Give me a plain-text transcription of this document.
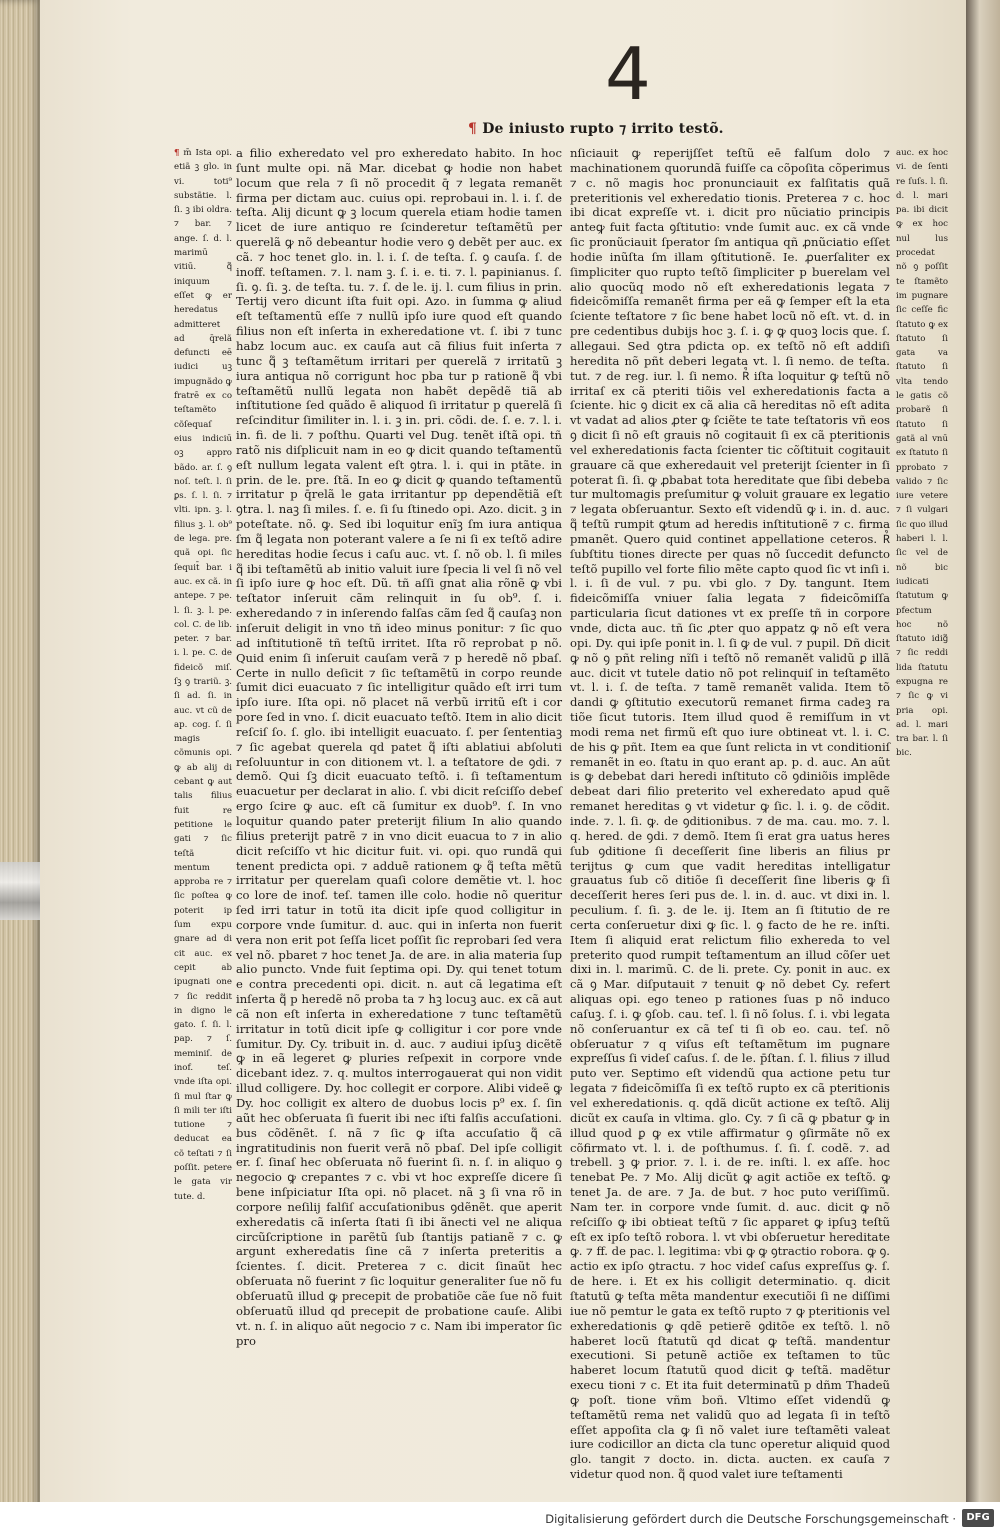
4
¶ De iniusto rupto ⁊ irrito testõ.
¶ m̄ Ista opi. etiã ꝫ glo. in vi. toti⁹ substãtie. l. ſi. ꝫ ibi oldra. ⁊ bar. ⁊ ange. ſ. d. l. marimū vitiū. q᷑ iniquum eſſet ꝙ er heredatus admitteret ad q̄relã defuncti eē iudici uꝫ impugnãdo ꝙ fratrē ex co teſtamẽto cõſequaſ eius indiciū oꝫ appro bãdo. ar. ſ. ꝯ noſ. teſt. l. ſi ꝑs. ſ. l. ſi. ⁊ vlti. ipn. ꝫ. l. filius ꝫ. l. ob⁹ de lega. pre. quã opi. ſic ſequit̄ bar. i auc. ex cã. in antepe. ⁊ pe. l. ſi. ꝫ. l. pe. col. C. de lib. peter. ⁊ bar. i. l. pe. C. de fideicõ miſ. ſꝫ ꝯ trariũ. ꝫ. ſi ad. ſi. in auc. vt cũ de ap. cog. ſ. ſi magis cõmunis opi. ꝙ ab alij di cebant ꝙ aut talis filius fuit re petitione le gati ⁊ ſic teſtã mentum approba re ⁊ ſic poſtea ꝙ poterit ip ſum expu gnare ad di cit auc. ex cepit ab ipugnati one ⁊ ſic reddit in digno le gato. ſ. ſi. l. pap. ⁊ ſ. meminiſ. de inof. teſ. vnde iſta opi. ſi mul ſtar ꝙ ſi mili ter iſti tutione ⁊ deducat ea cõ teſtati ⁊ ſi poſſit. petere le gata vir tute. d.

a filio exheredato vel pro exheredato habito. In hoc ſunt multe opi. nã Mar. dicebat ꝙ hodie non habet locum que rela ⁊ ſi nõ procedit q̄ ⁊ legata remanẽt firma per dictam auc. cuius opi. reprobaui in. l. i. ſ. de teſta. Alij dicunt ꝙ ꝫ locum querela etiam hodie tamen licet de iure antiquo re ſcinderetur teſtamẽtũ per querelã ꝙ nõ debeantur hodie vero ꝯ debẽt per auc. ex cã. ⁊ hoc tenet glo. in. l. i. ſ. de teſta. ſ. ꝯ cauſa. ſ. de inoff. teſtamen. ⁊. l. nam ꝫ. ſ. i. e. ti. ⁊. l. papinianus. ſ. ſi. ꝯ. ſi. ꝫ. de teſta. tu. ⁊. ſ. de le. ij. l. cum filius in prin. Tertij vero dicunt iſta fuit opi. Azo. in ſumma ꝙ aliud eſt teſtamentũ eſſe ⁊ nullũ ipſo iure quod eſt quando filius non eſt inſerta in exheredatione vt. ſ. ibi ⁊ tunc habz locum auc. ex cauſa aut cã filius fuit inſerta ⁊ tunc q᷑ ꝫ teſtamẽtum irritari per querelã ⁊ irritatũ ꝫ iura antiqua nõ corrigunt hoc pba tur p rationẽ q᷑ vbi teſtamẽtũ nullũ legata non habẽt depẽdẽ tiã ab inſtitutione ſed quãdo ē aliquod ſi irritatur p querelã ſi reſcinditur ſimiliter in. l. i. ꝫ in. pri. cõdi. de. ſ. e. ⁊. l. i. in. fi. de li. ⁊ poſthu. Quarti vel Dug. tenẽt iſtã opi. tñ ratõ nis diſplicuit nam in eo ꝙ dicit quando teſtamentũ eſt nullum legata valent eſt ꝯtra. l. i. qui in ptãte. in prin. de le. pre. ſtã. In eo ꝙ dicit ꝙ quando teſtamentũ irritatur p q̄relã le gata irritantur pp dependẽtiã eſt ꝯtra. l. naꝫ ſi miles. ſ. e. ſi ſu ſtinedo opi. Azo. dicit. ꝫ in poteſtate. nõ. ꝙ. Sed ibi loquitur enĩꝫ ſm iura antiqua ſm q᷑ legata non poterant valere a ſe ni ſi ex teſtõ adire hereditas hodie ſecus i caſu auc. vt. ſ. nõ ob. l. ſi miles q᷑ ibi teſtamẽtũ ab initio valuit iure ſpecia li vel ſi nõ vel ſi ipſo iure ꝙ hoc eſt. Dũ. tñ aſſi gnat alia rõnẽ ꝙ vbi teſtator inſeruit cãm relinquit in ſu ob⁹. ſ. i. exheredando ⁊ in inſerendo falſas cãm ſed q᷑ cauſaꝫ non inſeruit deligit in vno tñ ideo minus ponitur: ⁊ ſic quo ad inſtitutionẽ tñ teſtũ irritet. Iſta rõ reprobat p nõ. Quid enim ſi inſeruit cauſam verã ⁊ p heredẽ nõ pbaſ. Certe in nullo deſicit ⁊ ſic teſtamẽtũ in corpo reunde ſumit dici euacuato ⁊ ſic intelligitur quãdo eſt irri tum ipſo iure. Iſta opi. nõ placet nã verbũ irritũ eſt i cor pore ſed in vno. ſ. dicit euacuato teſtõ. Item in alio dicit reſciſ ſo. ſ. glo. ibi intelligit euacuato. ſ. per ſententiaꝫ ⁊ ſic agebat querela qd patet q᷑ iſti ablatiui abſoluti reſoluuntur in con ditionem vt. l. a teſtatore de ꝯdi. ⁊ demõ. Qui ſꝫ dicit euacuato teſtõ. i. ſi teſtamentum euacuetur per declarat in alio. ſ. vbi dicit reſciſſo debeſ ergo ſcire ꝙ auc. eſt cã ſumitur ex duob⁹. ſ. In vno loquitur quando pater preterijt filium In alio quando filius preterijt patrẽ ⁊ in vno dicit euacua to ⁊ in alio dicit reſciſſo vt hic dicitur fuit. vi. opi. quo rundã qui tenent predicta opi. ⁊ adduẽ rationem ꝙ q᷑ teſta mẽtũ irritatur per querelam quaſi colore demẽtie vt. l. hoc co lore de inof. teſ. tamen ille colo. hodie nõ queritur ſed irri tatur in totũ ita dicit ipſe quod colligitur in corpore vnde ſumitur. d. auc. qui in inſerta non fuerit vera non erit pot ſeſſa licet poſſit ſic reprobari ſed vera vel nõ. pbaret ⁊ hoc tenet Ja. de are. in alia materia ſup alio puncto. Vnde fuit ſeptima opi. Dy. qui tenet totum e contra precedenti opi. dicit. n. aut cã legatima eſt inſerta q᷑ p heredẽ nõ proba ta ⁊ hꝫ locuꝫ auc. ex cã aut cã non eſt inſerta in exheredatione ⁊ tunc teſtamẽtũ irritatur in totũ dicit ipſe ꝙ colligitur i cor pore vnde ſumitur. Dy. Cy. tribuit in. d. auc. ⁊ audiui ipſuꝫ dicẽtẽ ꝙ in eã legeret ꝙ pluries reſpexit in corpore vnde dicebant idez. ⁊. q. multos interrogauerat qui non vidit illud colligere. Dy. hoc collegit er corpore. Alibi videẽ ꝙ Dy. hoc colligit ex altero de duobus locis p⁹ ex. ſ. ſin aũt hec obſeruata ſi fuerit ibi nec iſti falſis accuſationi. bus cõdẽnẽt. ſ. nã ⁊ ſic ꝙ iſta accuſatio q᷑ cã ingratitudinis non fuerit verā nõ pbaſ. Del ipſe colligit er. ſ. ſinaſ hec obſeruata nõ fuerint ſi. n. ſ. in aliquo ꝯ negocio ꝙ crepantes ⁊ c. vbi vt hoc expreſſe dicere ſi bene inſpiciatur Iſta opi. nõ placet. nã ꝫ ſi vna rõ in corpore neſilij falſiſ accuſationibus ꝯdẽnẽt. que aperit exheredatis cã inſerta ſtati ſi ibi ãnecti vel ne aliqua circũſcriptione in parẽtũ ſub ſtantijs patianẽ ⁊ c. ꝙ argunt exheredatis ſine cã ⁊ inſerta preteritis a ſcientes. ſ. dicit. Preterea ⁊ c. dicit ſinaũt hec obſeruata nõ fuerint ⁊ ſic loquitur generaliter ſue nõ fu obſeruatũ illud ꝙ precepit de probatiõe cãe ſue nõ fuit obſeruatũ illud qd precepit de probatione cauſe. Alibi vt. n. ſ. in aliquo aũt negocio ⁊ c. Nam ibi imperator ſic pro

nſiciauit ꝙ reperijſſet teſtũ eē falſum dolo ⁊ machinationem quorundã fuiſſe ca cõpoſita cõperimus ⁊ c. nõ magis hoc pronunciauit ex falſitatis quã preteritionis vel exheredatio tionis. Preterea ⁊ c. hoc ibi dicat expreſſe vt. i. dicit pro nũciatio principis anteꝙ fuit facta ꝯſtitutio: vnde ſumit auc. ex cã vnde ſic pronũciauit ſperator ſm antiqua qñ ꝓnũciatio eſſet hodie inũſta ſm illam ꝯſtitutionẽ. Ie. ꝓuerſaliter ex ſimpliciter quo rupto teſtõ ſimpliciter p buerelam vel alio quocũq modo nõ eſt exheredationis legata ⁊ fideicõmiſſa remanẽt firma per eã ꝙ ſemper eſt la eta ſciente teſtatore ⁊ ſic bene habet locũ nõ eſt. vt. d. in pre cedentibus dubijs hoc ꝫ. ſ. i. ꝙ ꝙ quoꝫ locis que. ſ. allegaui. Sed ꝯtra pdicta op. ex teſtõ nõ eſt addiſi heredita nõ pñt deberi legata vt. l. ſi nemo. de teſta. tut. ⁊ de reg. iur. l. ſi nemo. R᷒ iſta loquitur ꝙ teſtũ nõ irritaſ ex cã pteriti tiõis vel exheredationis facta a ſciente. hic ꝯ dicit ex cã alia cã hereditas nõ eſt adita vt vadat ad alios ꝓter ꝙ ſciẽte te tate teſtatoris vñ eos ꝯ dicit ſi nõ eſt grauis nõ cogitauit ſi ex cã pteritionis vel exheredationis facta ſcienter tic cõſtituit cogitauit grauare cã que exheredauit vel preterijt ſcienter in ſi poterat ſi. ſi. ꝙ ꝓbabat tota hereditate que ſibi debeba tur multomagis preſumitur ꝙ voluit grauare ex legatio ⁊ legata obſeruantur. Sexto eſt videndũ ꝙ i. in. d. auc. q᷑ teſtũ rumpit ꝙtum ad heredis inſtitutionẽ ⁊ c. firma pmanẽt. Quero quid continet appellatione ceteros. R᷒ ſubſtitu tiones directe per quas nõ ſuccedit defuncto teſtõ pupillo vel forte filio mẽte capto quod ſic vt inſi i. l. i. ſi de vul. ⁊ pu. vbi glo. ⁊ Dy. tangunt. Item fideicõmiſſa vniuer ſalia legata ⁊ fideicõmiſſa particularia ſicut dationes vt ex preſſe tñ in corpore vnde, dicta auc. tñ ſic ꝓter quo appatz ꝙ nõ eſt vera opi. Dy. qui ipſe ponit in. l. ſi ꝙ de vul. ⁊ pupil. Dñ dicit ꝙ nõ ꝯ pñt reling nĩſi i teſtõ nõ remanẽt validũ ꝑ illã auc. dicit vt tutele datio nõ pot relinquiſ in teſtamẽto vt. l. i. ſ. de teſta. ⁊ tamẽ remanẽt valida. Item tõ dandi ꝙ ꝯſtitutio executorũ remanet firma cadeꝫ ra tiõe ſicut tutoris. Item illud quod ẽ remiſſum in vt modi rema net firmũ eſt quo iure obtineat vt. l. i. C. de his ꝙ pñt. Item ea que ſunt relicta in vt conditioniſ remanẽt in eo. ſtatu in quo erant ap. p. d. auc. An aũt is ꝙ debebat dari heredi inſtituto cõ ꝯdiniõis implẽde debeat dari filio preterito vel exheredato apud quẽ remanet hereditas ꝯ vt videtur ꝙ ſic. l. i. ꝯ. de cõdit. inde. ⁊. l. ſi. ꝙ. de ꝯditionibus. ⁊ de ma. cau. mo. ⁊. l. q. hered. de ꝯdi. ⁊ demõ. Item ſi erat gra uatus heres ſub ꝯditione ſi deceſſerit ſine liberis an filius pr terijtus ꝙ cum que vadit hereditas intelligatur grauatus ſub cõ ditiõe ſi deceſſerit ſine liberis ꝙ ſi deceſſerit heres ſeri pus de. l. in. d. auc. vt dixi in. l. peculium. ſ. ſi. ꝫ. de le. ij. Item an ſi ſtitutio de re certa conſeruetur dixi ꝙ ſic. l. ꝯ facto de he re. inſti. Item ſi aliquid erat relictum filio exhereda to vel preterito quod rumpit teſtamentum an illud cõſer uet dixi in. l. marimũ. C. de li. prete. Cy. ponit in auc. ex cã ꝯ Mar. diſputauit ⁊ tenuit ꝙ nõ debet Cy. refert aliquas opi. ego teneo p rationes ſuas p nõ induco caſuꝫ. ſ. i. ꝙ ꝯſob. cau. teſ. l. ſi nõ ſolus. ſ. i. vbi legata nõ conſeruantur ex cã teſ ti ſi ob eo. cau. teſ. nõ obſeruatur ⁊ q viſus eſt teſtamẽtum im pugnare expreſſus ſi videſ caſus. ſ. de le. p̄ſtan. ſ. l. filius ⁊ illud puto ver. Septimo eſt videndũ qua actione petu tur legata ⁊ fideicõmiſſa ſi ex teſtõ rupto ex cã pteritionis vel exheredationis. q. qdã dicũt actione ex teſtõ. Alij dicũt ex cauſa in vltima. glo. Cy. ⁊ ſi cã ꝙ pbatur ꝙ in illud quod ꝑ ꝙ ex vtile affirmatur ꝯ ꝯſirmãte nõ ex cõfirmato vt. l. i. de poſthumus. ſ. ſi. ſ. codẽ. ⁊. ad trebell. ꝫ ꝙ prior. ⁊. l. i. de re. inſti. l. ex aſſe. hoc tenebat Pe. ⁊ Mo. Alij dicũt ꝙ agit actiõe ex teſtõ. ꝙ tenet Ja. de are. ⁊ Ja. de but. ⁊ hoc puto veriſſimũ. Nam ter. in corpore vnde ſumit. d. auc. dicit ꝙ nõ reſciſſo ꝙ ibi obtieat teſtũ ⁊ ſic apparet ꝙ ipſuꝫ teſtũ eſt ex ipſo teſtõ robora. l. vt vbi obſeruetur hereditate ꝙ. ⁊ ff. de pac. l. legitima: vbi ꝙ ꝙ ꝯtractio robora. ꝙ ꝯ. actio ex ipſo ꝯtractu. ⁊ hoc videſ caſus expreſſus ꝙ. ſ. de here. i. Et ex his colligit determinatio. q. dicit ſtatutũ ꝙ teſta mẽta mandentur executiõi ſi ne diſſimi iue nõ pemtur le gata ex teſtõ rupto ⁊ ꝙ pteritionis vel exheredationis ꝙ qdẽ petierẽ ꝯditõe ex teſtõ. l. nõ haberet locũ ſtatutũ qd dicat ꝙ teſtã. mandentur executioni. Si petunẽ actiõe ex teſtamen to tũc haberet locum ſtatutũ quod dicit ꝙ teſtã. madẽtur execu tioni ⁊ c. Et ita fuit determinatũ p dñm Thadeũ ꝙ poſt. tione vñm boñ. Vltimo eſſet videndũ ꝙ teſtamẽtũ rema net validũ quo ad legata ſi in teſtõ eſſet appoſita cla ꝙ ſi nõ valet iure teſtamẽti valeat iure codicillor an dicta cla tunc operetur aliquid quod glo. tangit ⁊ docto. in. dicta. aucten. ex cauſa ⁊ videtur quod non. q᷑ quod valet iure teſtamenti

auc. ex hoc vi. de ſenti re ſuſs. l. ſi. d. l. mari pa. ibi dicit ꝙ ex hoc nul lus procedat nõ ꝯ poſſit te ſtamẽto im pugnare ſic ceſſe fic ſtatuto ꝙ ex ſtatuto ſi gata va ſtatuto ſi vlta tendo le gatis cõ probarẽ ſi ſtatuto ſi gatã al vnū ex ſtatuto ſi pprobato ⁊ valido ⁊ ſic iure vetere ⁊ ſi vulgari ſic quo illud haberi l. l. ſic vel de nõ bic iudicati ſtatutum ꝙ pfectum hoc nõ ſtatuto idig᷑ ⁊ ſic reddi lida ſtatutu expugna re ⁊ ſic ꝙ vi pria opi. ad. l. mari tra bar. l. ſi bic.
Digitalisierung gefördert durch die Deutsche Forschungsgemeinschaft ·	DFG
